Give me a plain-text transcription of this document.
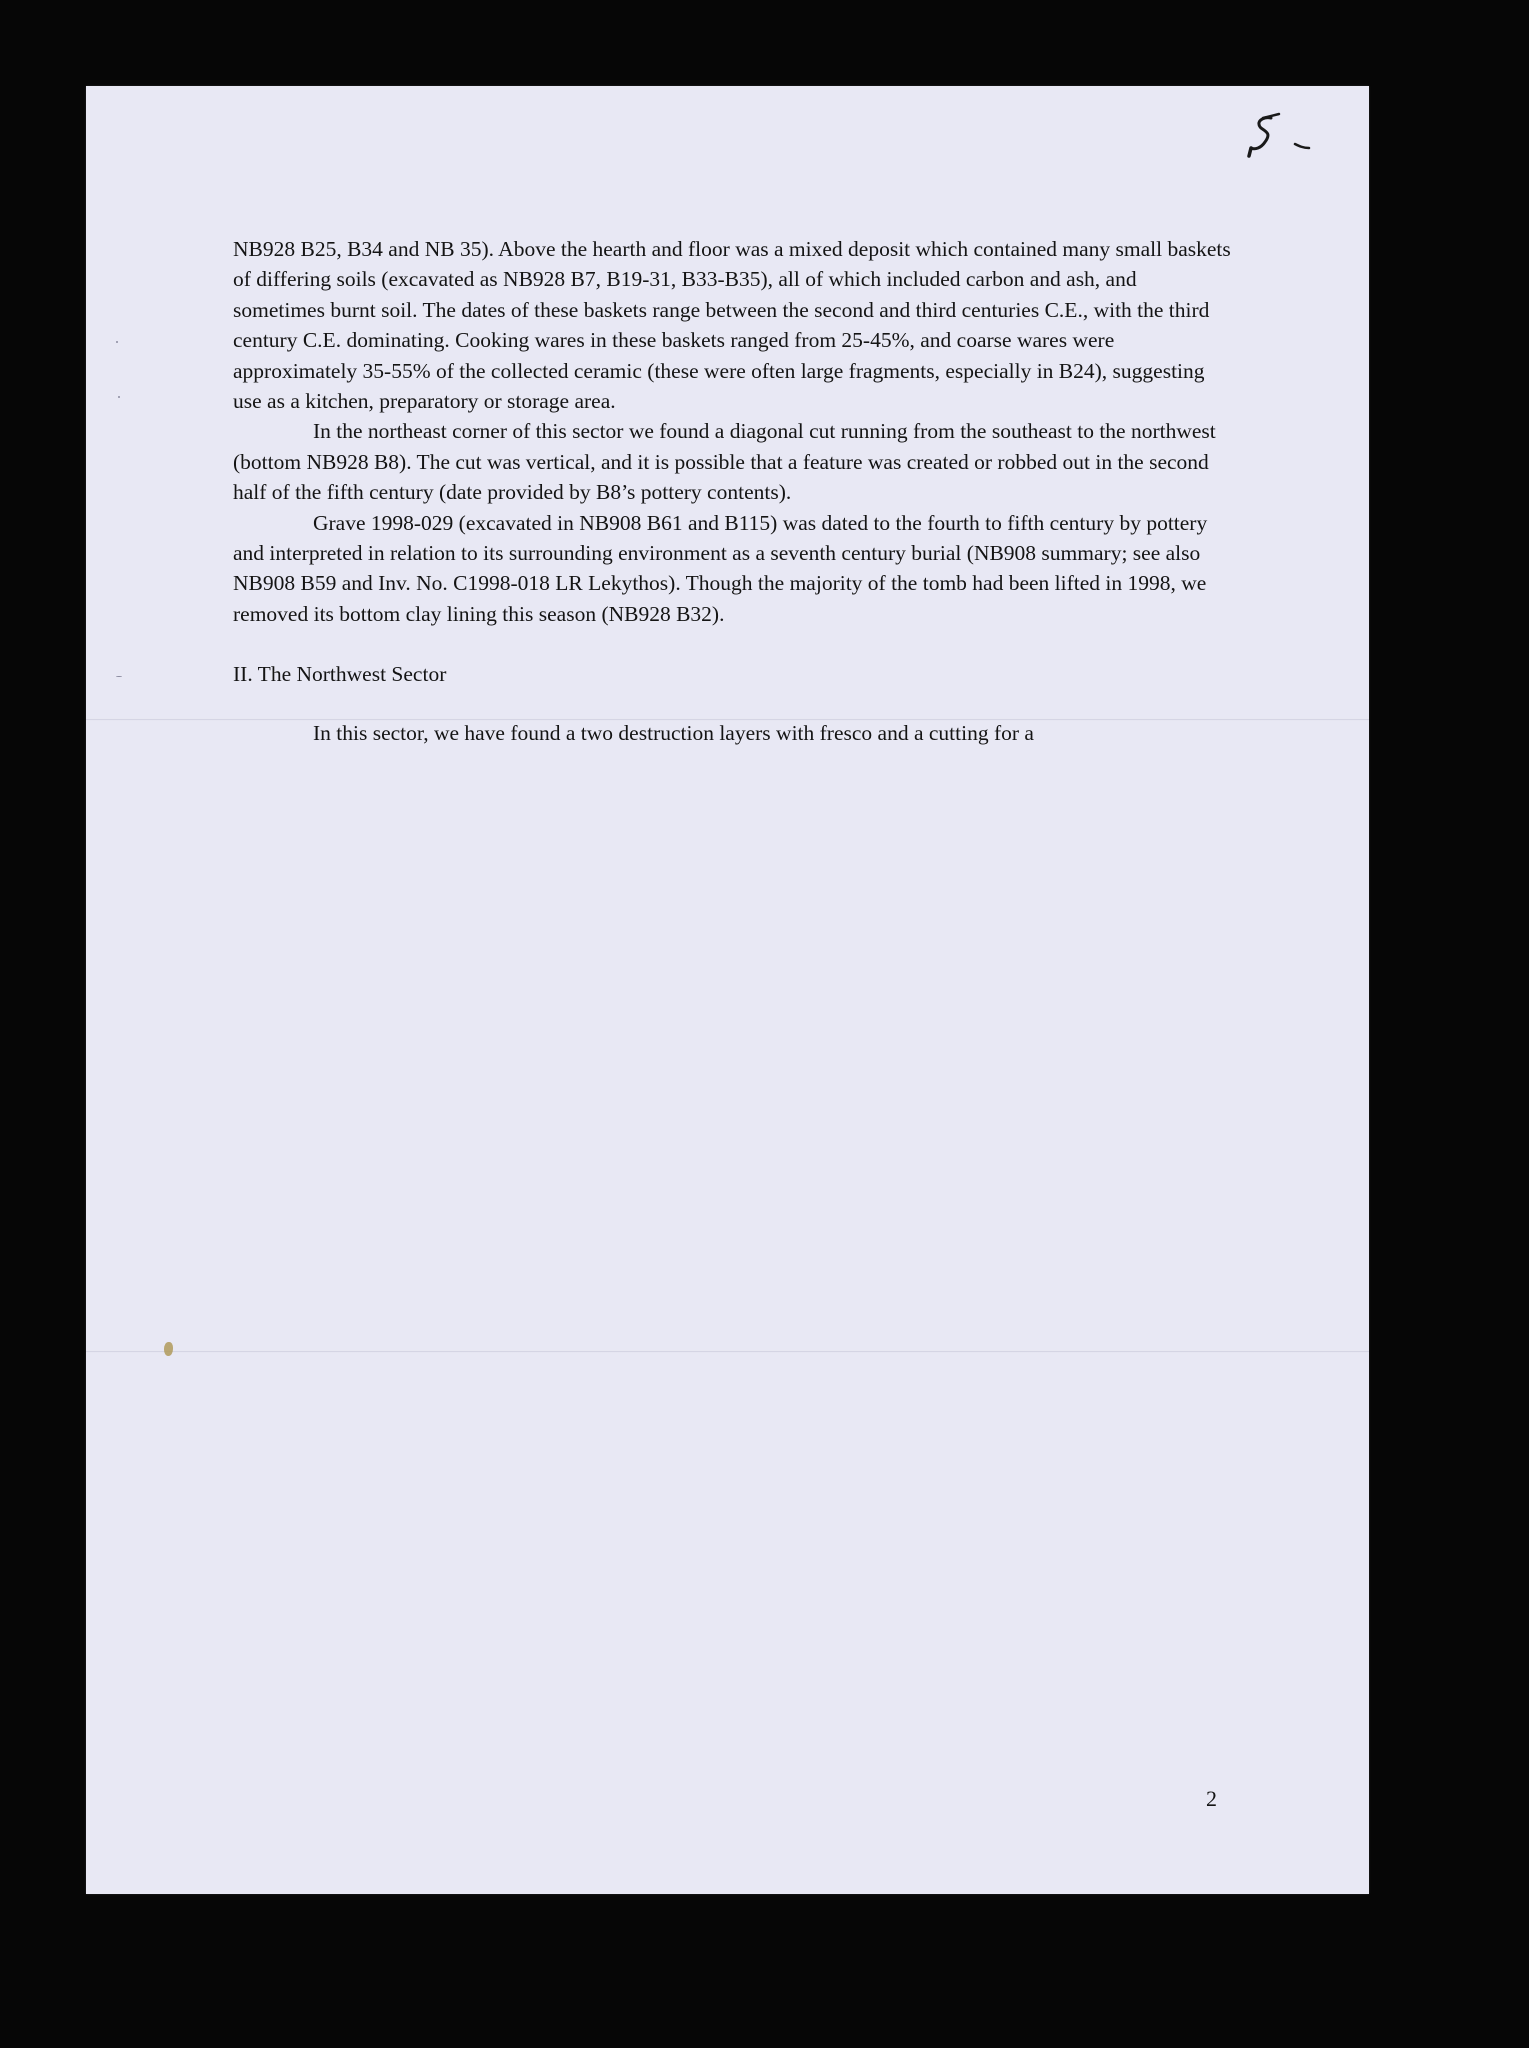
NB928 B25, B34 and NB 35). Above the hearth and floor was a mixed deposit which contained many small baskets of differing soils (excavated as NB928 B7, B19-31, B33-B35), all of which included carbon and ash, and sometimes burnt soil. The dates of these baskets range between the second and third centuries C.E., with the third century C.E. dominating. Cooking wares in these baskets ranged from 25-45%, and coarse wares were approximately 35-55% of the collected ceramic (these were often large fragments, especially in B24), suggesting use as a kitchen, preparatory or storage area.

In the northeast corner of this sector we found a diagonal cut running from the southeast to the northwest (bottom NB928 B8). The cut was vertical, and it is possible that a feature was created or robbed out in the second half of the fifth century (date provided by B8’s pottery contents).

Grave 1998-029 (excavated in NB908 B61 and B115) was dated to the fourth to fifth century by pottery and interpreted in relation to its surrounding environment as a seventh century burial (NB908 summary; see also NB908 B59 and Inv. No. C1998-018 LR Lekythos). Though the majority of the tomb had been lifted in 1998, we removed its bottom clay lining this season (NB928 B32).

II. The Northwest Sector

In this sector, we have found a two destruction layers with fresco and a cutting for a

2
